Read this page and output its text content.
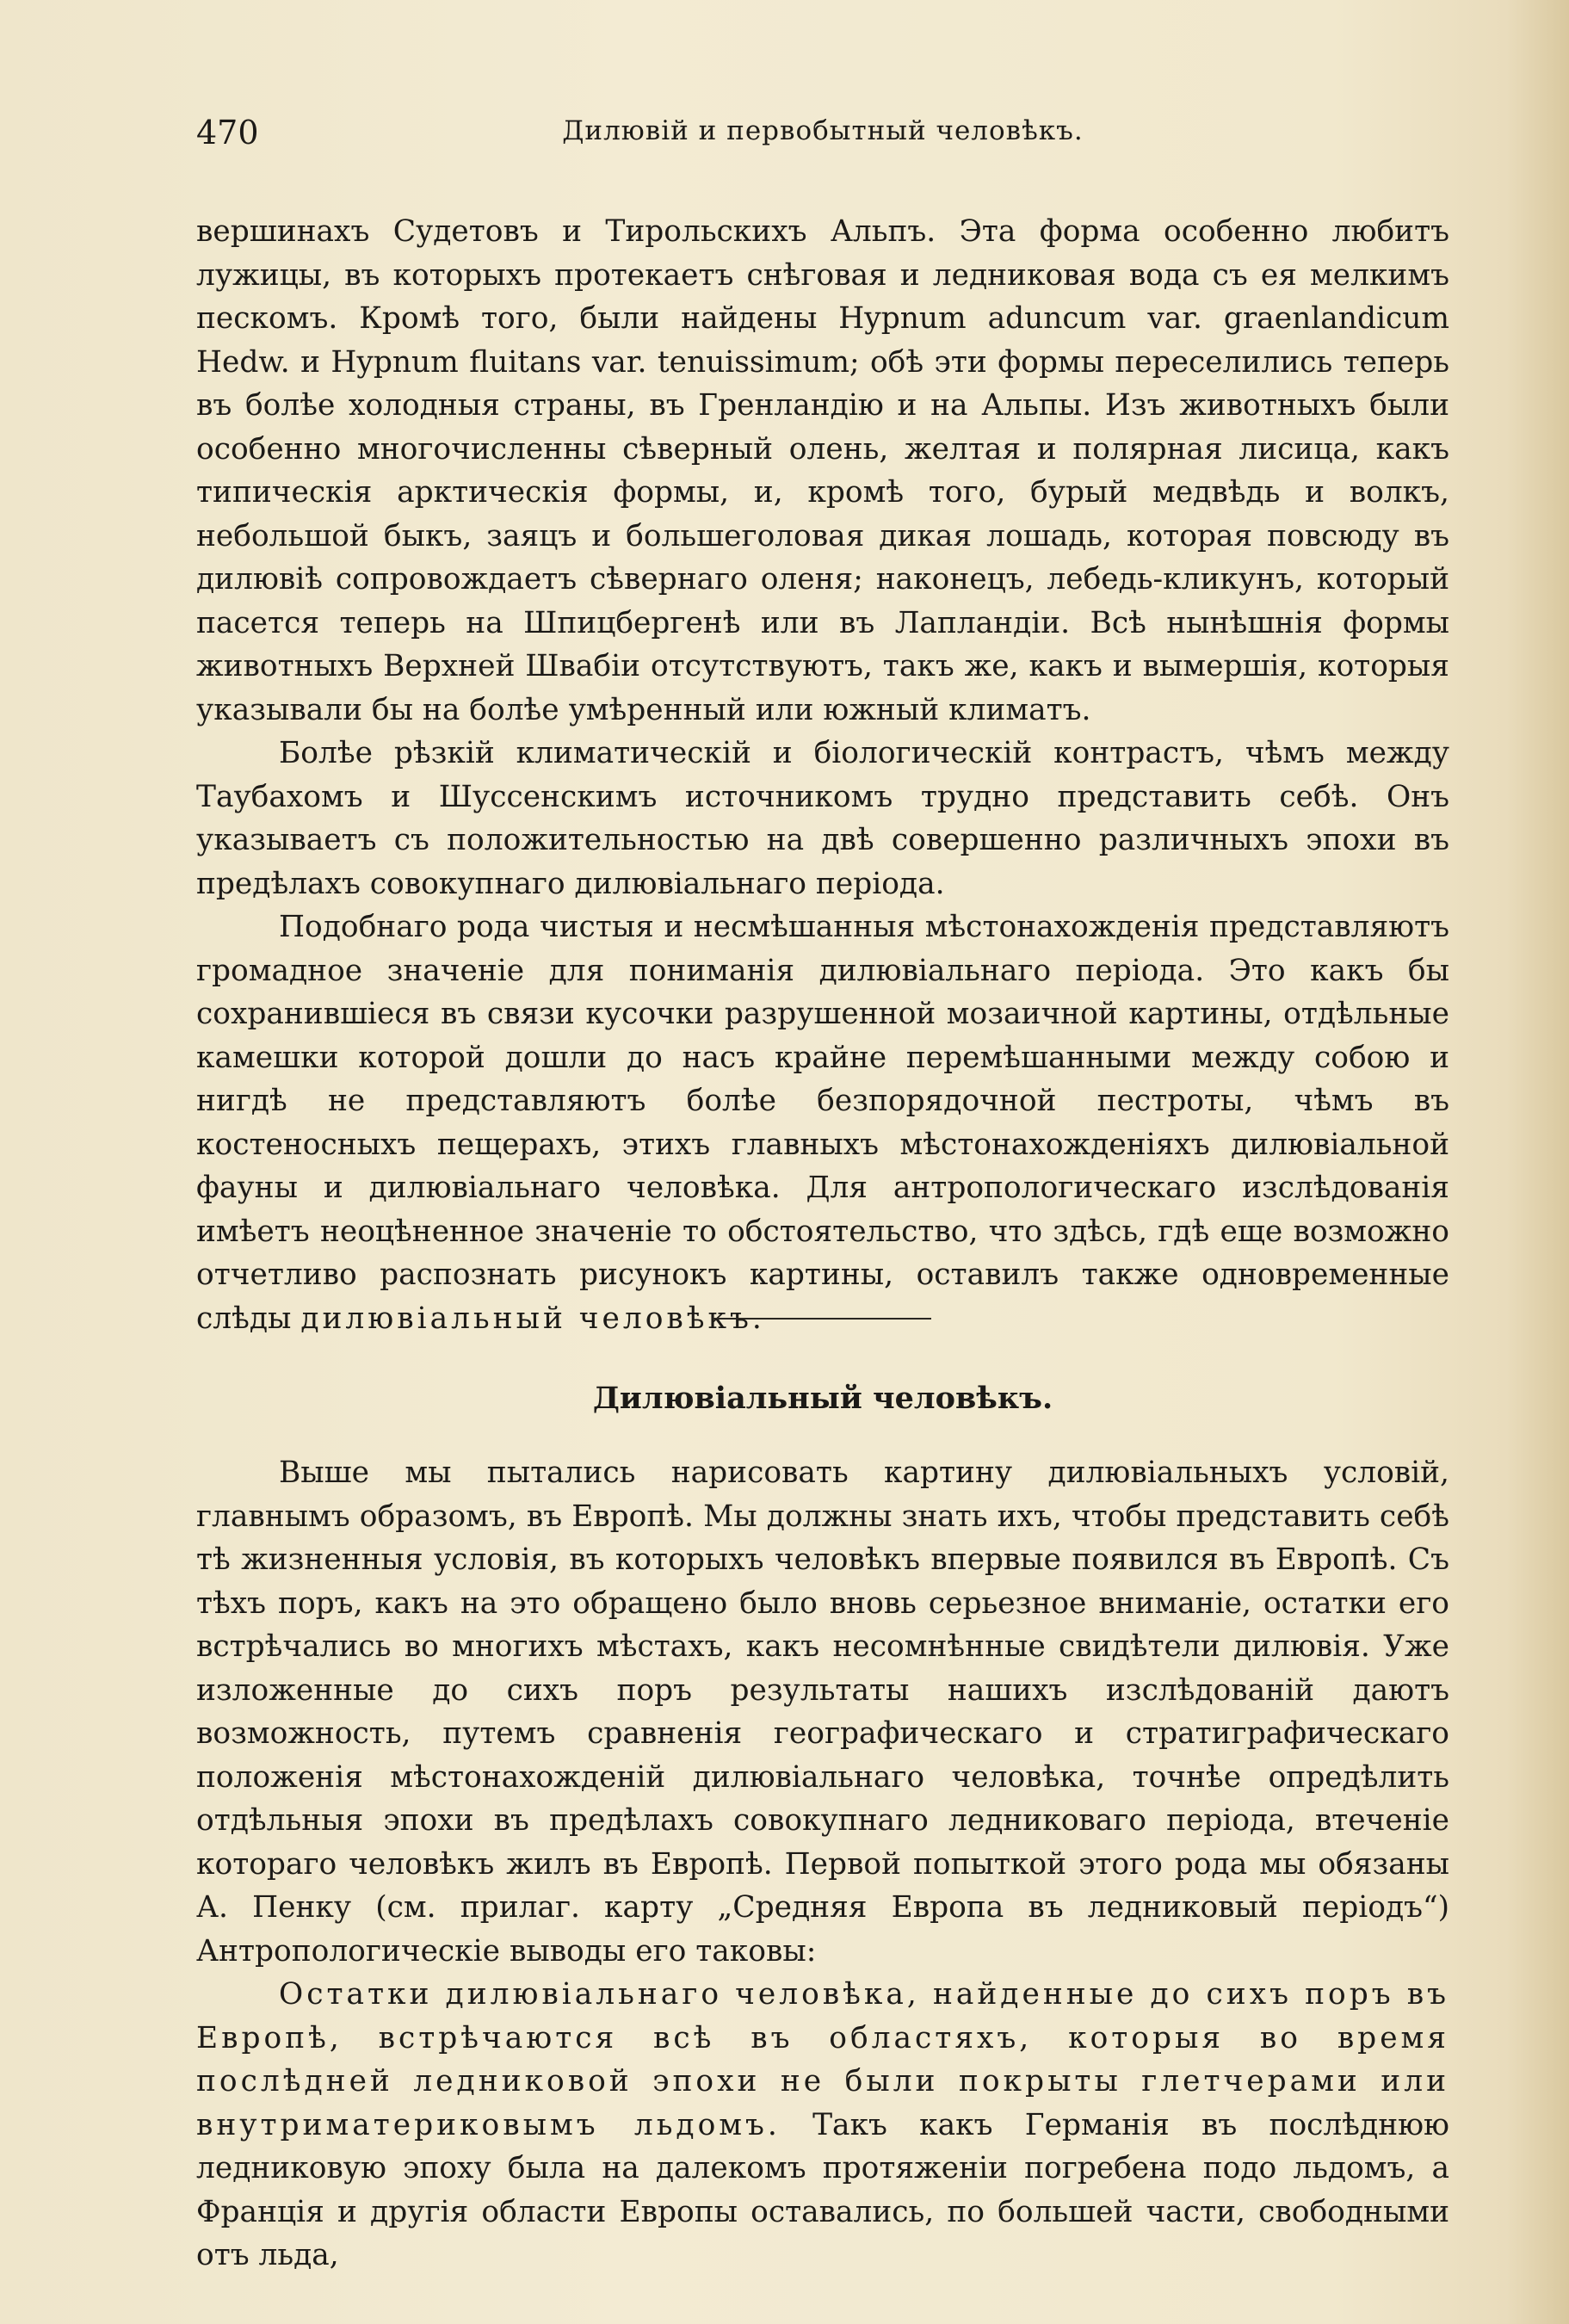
470	Дилювій и первобытный человѣкъ.

вершинахъ Судетовъ и Тирольскихъ Альпъ. Эта форма особенно любитъ лужицы, въ которыхъ протекаетъ снѣговая и ледниковая вода съ ея мелкимъ пескомъ. Кромѣ того, были найдены Hypnum aduncum var. graenlandicum Hedw. и Hypnum fluitans var. tenuissimum; обѣ эти формы переселились теперь въ болѣе холодныя страны, въ Гренландію и на Альпы. Изъ животныхъ были особенно многочисленны сѣверный олень, желтая и полярная лисица, какъ типическія арктическія формы, и, кромѣ того, бурый медвѣдь и волкъ, небольшой быкъ, заяцъ и большеголовая дикая лошадь, которая повсюду въ дилювіѣ сопровождаетъ сѣвернаго оленя; наконецъ, лебедь-кликунъ, который пасется теперь на Шпицбергенѣ или въ Лапландіи. Всѣ нынѣшнія формы животныхъ Верхней Швабіи отсутствуютъ, такъ же, какъ и вымершія, которыя указывали бы на болѣе умѣренный или южный климатъ.

Болѣе рѣзкій климатическій и біологическій контрастъ, чѣмъ между Таубахомъ и Шуссенскимъ источникомъ трудно представить себѣ. Онъ указываетъ съ положительностью на двѣ совершенно различныхъ эпохи въ предѣлахъ совокупнаго дилювіальнаго періода.

Подобнаго рода чистыя и несмѣшанныя мѣстонахожденія представляютъ громадное значеніе для пониманія дилювіальнаго періода. Это какъ бы сохранившіеся въ связи кусочки разрушенной мозаичной картины, отдѣльные камешки которой дошли до насъ крайне перемѣшанными между собою и нигдѣ не представляютъ болѣе безпорядочной пестроты, чѣмъ въ костеносныхъ пещерахъ, этихъ главныхъ мѣстонахожденіяхъ дилювіальной фауны и дилювіальнаго человѣка. Для антропологическаго изслѣдованія имѣетъ неоцѣненное значеніе то обстоятельство, что здѣсь, гдѣ еще возможно отчетливо распознать рисунокъ картины, оставилъ также одновременные слѣды дилювіальный человѣкъ.

Дилювіальный человѣкъ.

Выше мы пытались нарисовать картину дилювіальныхъ условій, главнымъ образомъ, въ Европѣ. Мы должны знать ихъ, чтобы представить себѣ тѣ жизненныя условія, въ которыхъ человѣкъ впервые появился въ Европѣ. Съ тѣхъ поръ, какъ на это обращено было вновь серьезное вниманіе, остатки его встрѣчались во многихъ мѣстахъ, какъ несомнѣнные свидѣтели дилювія. Уже изложенные до сихъ поръ результаты нашихъ изслѣдованій даютъ возможность, путемъ сравненія географическаго и стратиграфическаго положенія мѣстонахожденій дилювіальнаго человѣка, точнѣе опредѣлить отдѣльныя эпохи въ предѣлахъ совокупнаго ледниковаго періода, втеченіе котораго человѣкъ жилъ въ Европѣ. Первой попыткой этого рода мы обязаны А. Пенку (см. прилаг. карту „Средняя Европа въ ледниковый періодъ“) Антропологическіе выводы его таковы:

Остатки дилювіальнаго человѣка, найденные до сихъ поръ въ Европѣ, встрѣчаются всѣ въ областяхъ, которыя во время послѣдней ледниковой эпохи не были покрыты глетчерами или внутриматериковымъ льдомъ. Такъ какъ Германія въ послѣднюю ледниковую эпоху была на далекомъ протяженіи погребена подо льдомъ, а Франція и другія области Европы оставались, по большей части, свободными отъ льда,
